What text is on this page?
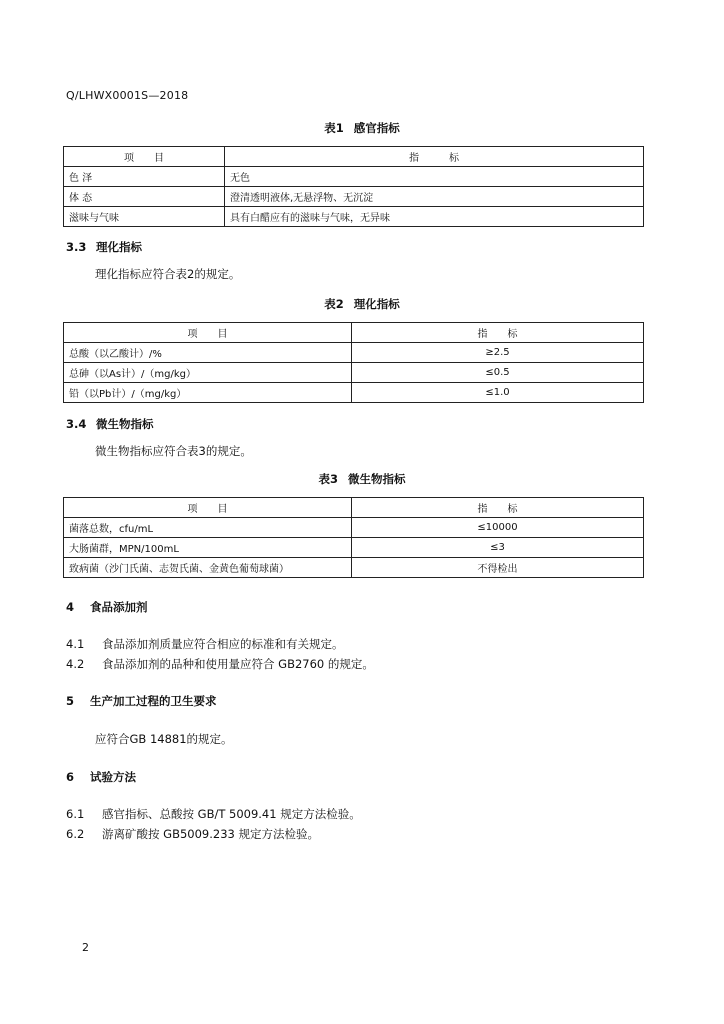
Q/LHWX0001S—2018
表1 感官指标
项　　目	指　　　标
色 泽	无色
体 态	澄清透明液体,无悬浮物、无沉淀
滋味与气味	具有白醋应有的滋味与气味，无异味
3.3 理化指标
理化指标应符合表2的规定。
表2 理化指标
项　　目	指　　标
总酸（以乙酸计）/%	≥2.5
总砷（以As计）/（mg/kg）	≤0.5
铅（以Pb计）/（mg/kg）	≤1.0
3.4 微生物指标
微生物指标应符合表3的规定。
表3 微生物指标
项　　目	指　　标
菌落总数，cfu/mL	≤10000
大肠菌群，MPN/100mL	≤3
致病菌（沙门氏菌、志贺氏菌、金黄色葡萄球菌）	不得检出
4 食品添加剂
4.1 食品添加剂质量应符合相应的标准和有关规定。
4.2 食品添加剂的品种和使用量应符合 GB2760 的规定。
5 生产加工过程的卫生要求
应符合GB 14881的规定。
6 试验方法
6.1 感官指标、总酸按 GB/T 5009.41 规定方法检验。
6.2 游离矿酸按 GB5009.233 规定方法检验。
2
